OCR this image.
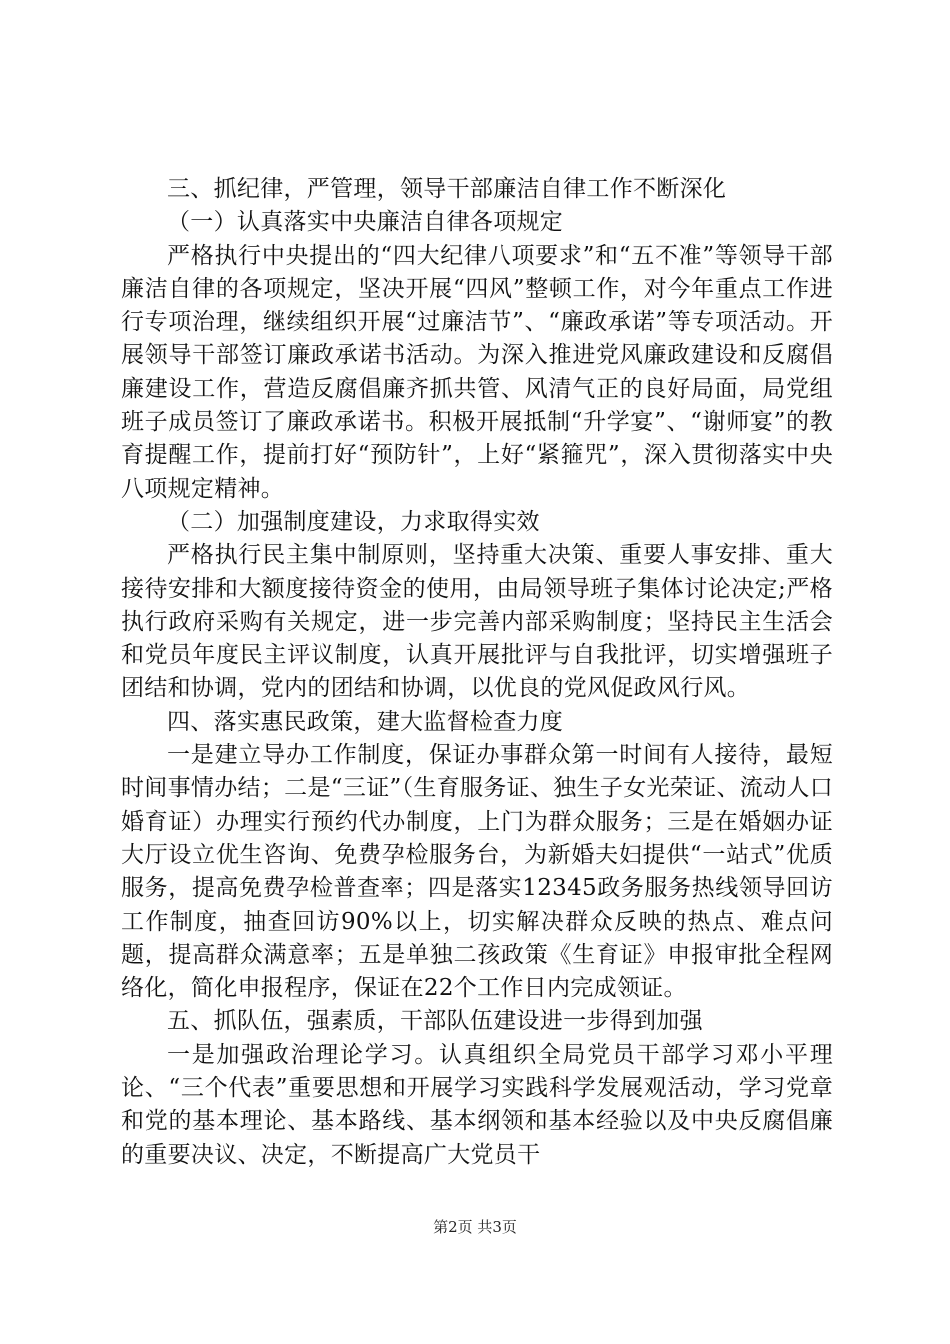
三、抓纪律，严管理，领导干部廉洁自律工作不断深化

（一）认真落实中央廉洁自律各项规定

严格执行中央提出的“四大纪律八项要求”和“五不准”等领导干部廉洁自律的各项规定，坚决开展“四风”整顿工作，对今年重点工作进行专项治理，继续组织开展“过廉洁节”、“廉政承诺”等专项活动。开展领导干部签订廉政承诺书活动。为深入推进党风廉政建设和反腐倡廉建设工作，营造反腐倡廉齐抓共管、风清气正的良好局面，局党组班子成员签订了廉政承诺书。积极开展抵制“升学宴”、“谢师宴”的教育提醒工作，提前打好“预防针”，上好“紧箍咒”，深入贯彻落实中央八项规定精神。

（二）加强制度建设，力求取得实效

严格执行民主集中制原则，坚持重大决策、重要人事安排、重大接待安排和大额度接待资金的使用，由局领导班子集体讨论决定;严格执行政府采购有关规定，进一步完善内部采购制度；坚持民主生活会和党员年度民主评议制度，认真开展批评与自我批评，切实增强班子团结和协调，党内的团结和协调，以优良的党风促政风行风。

四、落实惠民政策，建大监督检查力度

一是建立导办工作制度，保证办事群众第一时间有人接待，最短时间事情办结；二是“三证”（生育服务证、独生子女光荣证、流动人口婚育证）办理实行预约代办制度，上门为群众服务；三是在婚姻办证大厅设立优生咨询、免费孕检服务台，为新婚夫妇提供“一站式”优质服务，提高免费孕检普查率；四是落实12345政务服务热线领导回访工作制度，抽查回访90%以上，切实解决群众反映的热点、难点问题，提高群众满意率；五是单独二孩政策《生育证》申报审批全程网络化，简化申报程序，保证在22个工作日内完成领证。

五、抓队伍，强素质，干部队伍建设进一步得到加强

一是加强政治理论学习。认真组织全局党员干部学习邓小平理论、“三个代表”重要思想和开展学习实践科学发展观活动，学习党章和党的基本理论、基本路线、基本纲领和基本经验以及中央反腐倡廉的重要决议、决定，不断提高广大党员干

第2页 共3页
